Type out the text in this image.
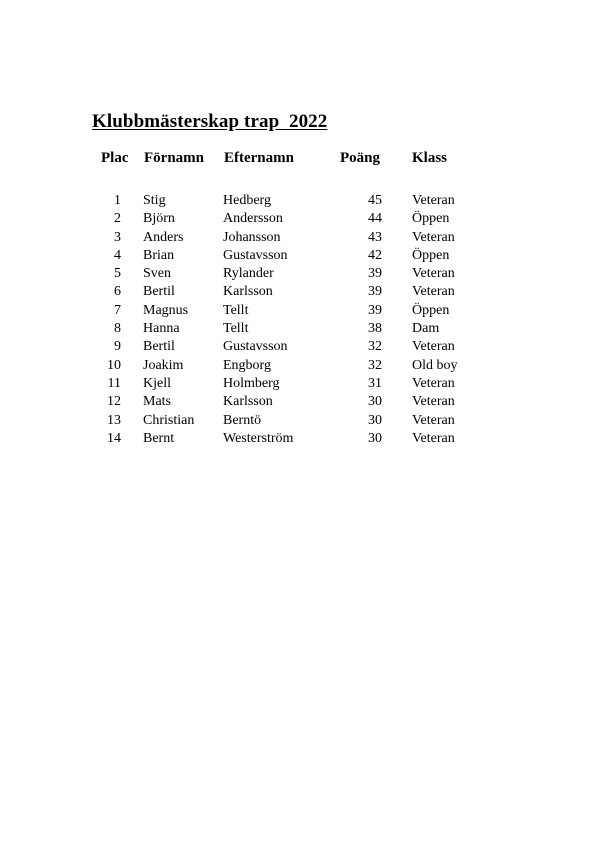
Klubbmästerskap trap  2022
Plac Förnamn Efternamn	Poäng Klass
1 Stig	Hedberg	45 Veteran
2 Björn	Andersson	44 Öppen
3 Anders	Johansson	43 Veteran
4 Brian	Gustavsson	42 Öppen
5 Sven	Rylander	39 Veteran
6 Bertil	Karlsson	39 Veteran
7 Magnus Tellt	39 Öppen
8 Hanna	Tellt	38 Dam
9 Bertil	Gustavsson	32 Veteran
10 Joakim	Engborg	32 Old boy
11 Kjell	Holmberg	31 Veteran
12 Mats	Karlsson	30 Veteran
13 Christian Berntö	30 Veteran
14 Bernt	Westerström	30 Veteran
